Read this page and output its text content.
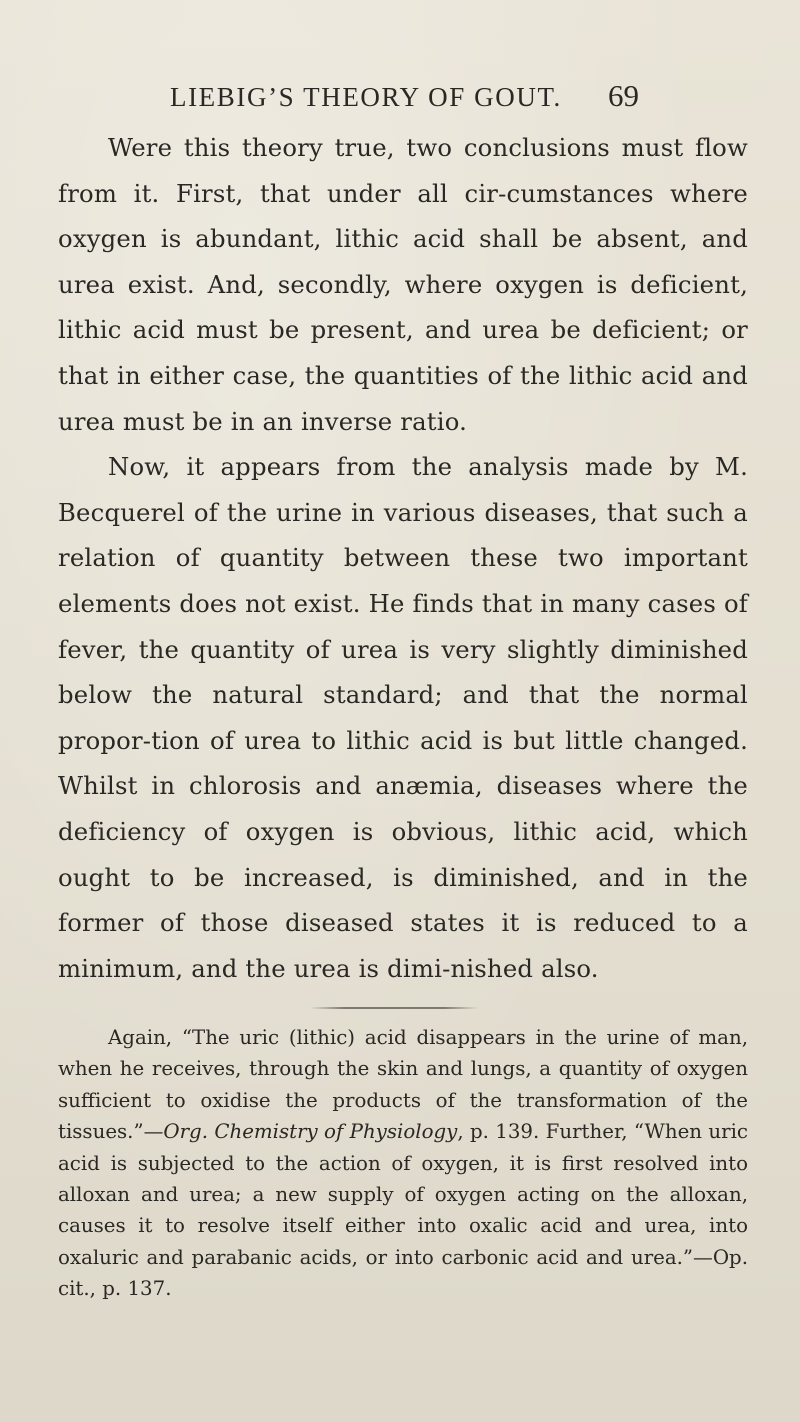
LIEBIG’S THEORY OF GOUT. 69

Were this theory true, two conclusions must flow from it. First, that under all cir-cumstances where oxygen is abundant, lithic acid shall be absent, and urea exist. And, secondly, where oxygen is deficient, lithic acid must be present, and urea be deficient; or that in either case, the quantities of the lithic acid and urea must be in an inverse ratio.

Now, it appears from the analysis made by M. Becquerel of the urine in various diseases, that such a relation of quantity between these two important elements does not exist. He finds that in many cases of fever, the quantity of urea is very slightly diminished below the natural standard; and that the normal propor-tion of urea to lithic acid is but little changed. Whilst in chlorosis and anæmia, diseases where the deficiency of oxygen is obvious, lithic acid, which ought to be increased, is diminished, and in the former of those diseased states it is reduced to a minimum, and the urea is dimi-nished also.

Again, “The uric (lithic) acid disappears in the urine of man, when he receives, through the skin and lungs, a quantity of oxygen sufficient to oxidise the products of the transformation of the tissues.”—Org. Chemistry of Physiology, p. 139. Further, “When uric acid is subjected to the action of oxygen, it is first resolved into alloxan and urea; a new supply of oxygen acting on the alloxan, causes it to resolve itself either into oxalic acid and urea, into oxaluric and parabanic acids, or into carbonic acid and urea.”—Op. cit., p. 137.
